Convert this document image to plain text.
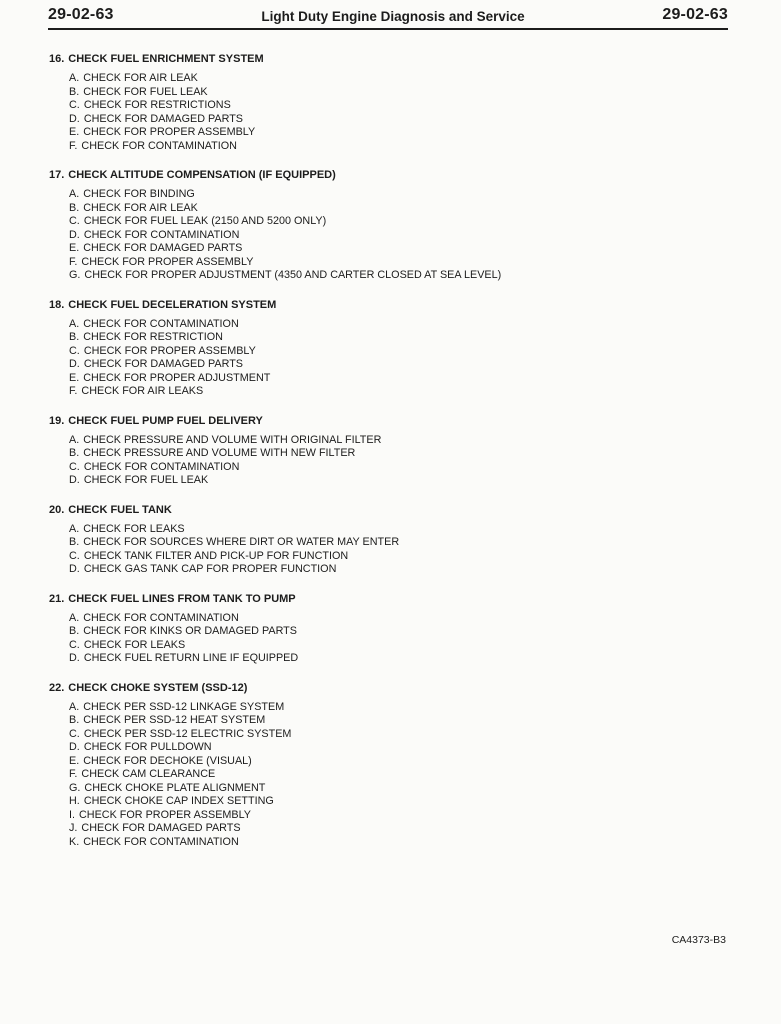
29-02-63	Light Duty Engine Diagnosis and Service	29-02-63
16. CHECK FUEL ENRICHMENT SYSTEM
A. CHECK FOR AIR LEAK
B. CHECK FOR FUEL LEAK
C. CHECK FOR RESTRICTIONS
D. CHECK FOR DAMAGED PARTS
E. CHECK FOR PROPER ASSEMBLY
F. CHECK FOR CONTAMINATION
17. CHECK ALTITUDE COMPENSATION (IF EQUIPPED)
A. CHECK FOR BINDING
B. CHECK FOR AIR LEAK
C. CHECK FOR FUEL LEAK (2150 AND 5200 ONLY)
D. CHECK FOR CONTAMINATION
E. CHECK FOR DAMAGED PARTS
F. CHECK FOR PROPER ASSEMBLY
G. CHECK FOR PROPER ADJUSTMENT (4350 AND CARTER CLOSED AT SEA LEVEL)
18. CHECK FUEL DECELERATION SYSTEM
A. CHECK FOR CONTAMINATION
B. CHECK FOR RESTRICTION
C. CHECK FOR PROPER ASSEMBLY
D. CHECK FOR DAMAGED PARTS
E. CHECK FOR PROPER ADJUSTMENT
F. CHECK FOR AIR LEAKS
19. CHECK FUEL PUMP FUEL DELIVERY
A. CHECK PRESSURE AND VOLUME WITH ORIGINAL FILTER
B. CHECK PRESSURE AND VOLUME WITH NEW FILTER
C. CHECK FOR CONTAMINATION
D. CHECK FOR FUEL LEAK
20. CHECK FUEL TANK
A. CHECK FOR LEAKS
B. CHECK FOR SOURCES WHERE DIRT OR WATER MAY ENTER
C. CHECK TANK FILTER AND PICK-UP FOR FUNCTION
D. CHECK GAS TANK CAP FOR PROPER FUNCTION
21. CHECK FUEL LINES FROM TANK TO PUMP
A. CHECK FOR CONTAMINATION
B. CHECK FOR KINKS OR DAMAGED PARTS
C. CHECK FOR LEAKS
D. CHECK FUEL RETURN LINE IF EQUIPPED
22. CHECK CHOKE SYSTEM (SSD-12)
A. CHECK PER SSD-12 LINKAGE SYSTEM
B. CHECK PER SSD-12 HEAT SYSTEM
C. CHECK PER SSD-12 ELECTRIC SYSTEM
D. CHECK FOR PULLDOWN
E. CHECK FOR DECHOKE (VISUAL)
F. CHECK CAM CLEARANCE
G. CHECK CHOKE PLATE ALIGNMENT
H. CHECK CHOKE CAP INDEX SETTING
I. CHECK FOR PROPER ASSEMBLY
J. CHECK FOR DAMAGED PARTS
K. CHECK FOR CONTAMINATION
CA4373-B3
